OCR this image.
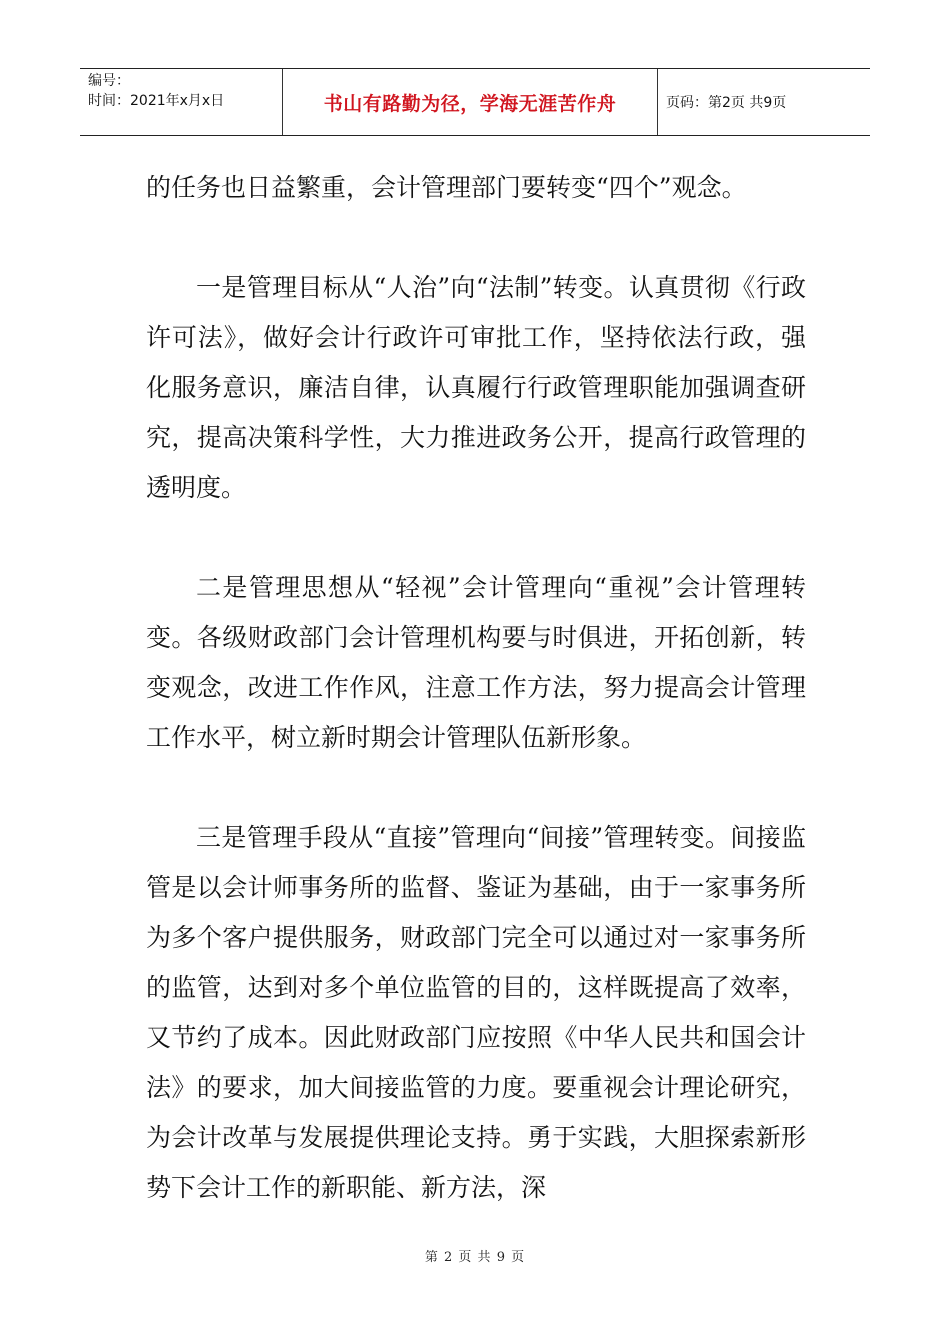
编号：
时间：2021年x月x日	书山有路勤为径，学海无涯苦作舟	页码：第2页 共9页

的任务也日益繁重，会计管理部门要转变“四个”观念。

一是管理目标从“人治”向“法制”转变。认真贯彻《行政许可法》，做好会计行政许可审批工作，坚持依法行政，强化服务意识，廉洁自律，认真履行行政管理职能加强调查研究，提高决策科学性，大力推进政务公开，提高行政管理的透明度。

二是管理思想从“轻视”会计管理向“重视”会计管理转变。各级财政部门会计管理机构要与时俱进，开拓创新，转变观念，改进工作作风，注意工作方法，努力提高会计管理工作水平，树立新时期会计管理队伍新形象。

三是管理手段从“直接”管理向“间接”管理转变。间接监管是以会计师事务所的监督、鉴证为基础，由于一家事务所为多个客户提供服务，财政部门完全可以通过对一家事务所的监管，达到对多个单位监管的目的，这样既提高了效率，又节约了成本。因此财政部门应按照《中华人民共和国会计法》的要求，加大间接监管的力度。要重视会计理论研究，为会计改革与发展提供理论支持。勇于实践，大胆探索新形势下会计工作的新职能、新方法，深

第 2 页 共 9 页
